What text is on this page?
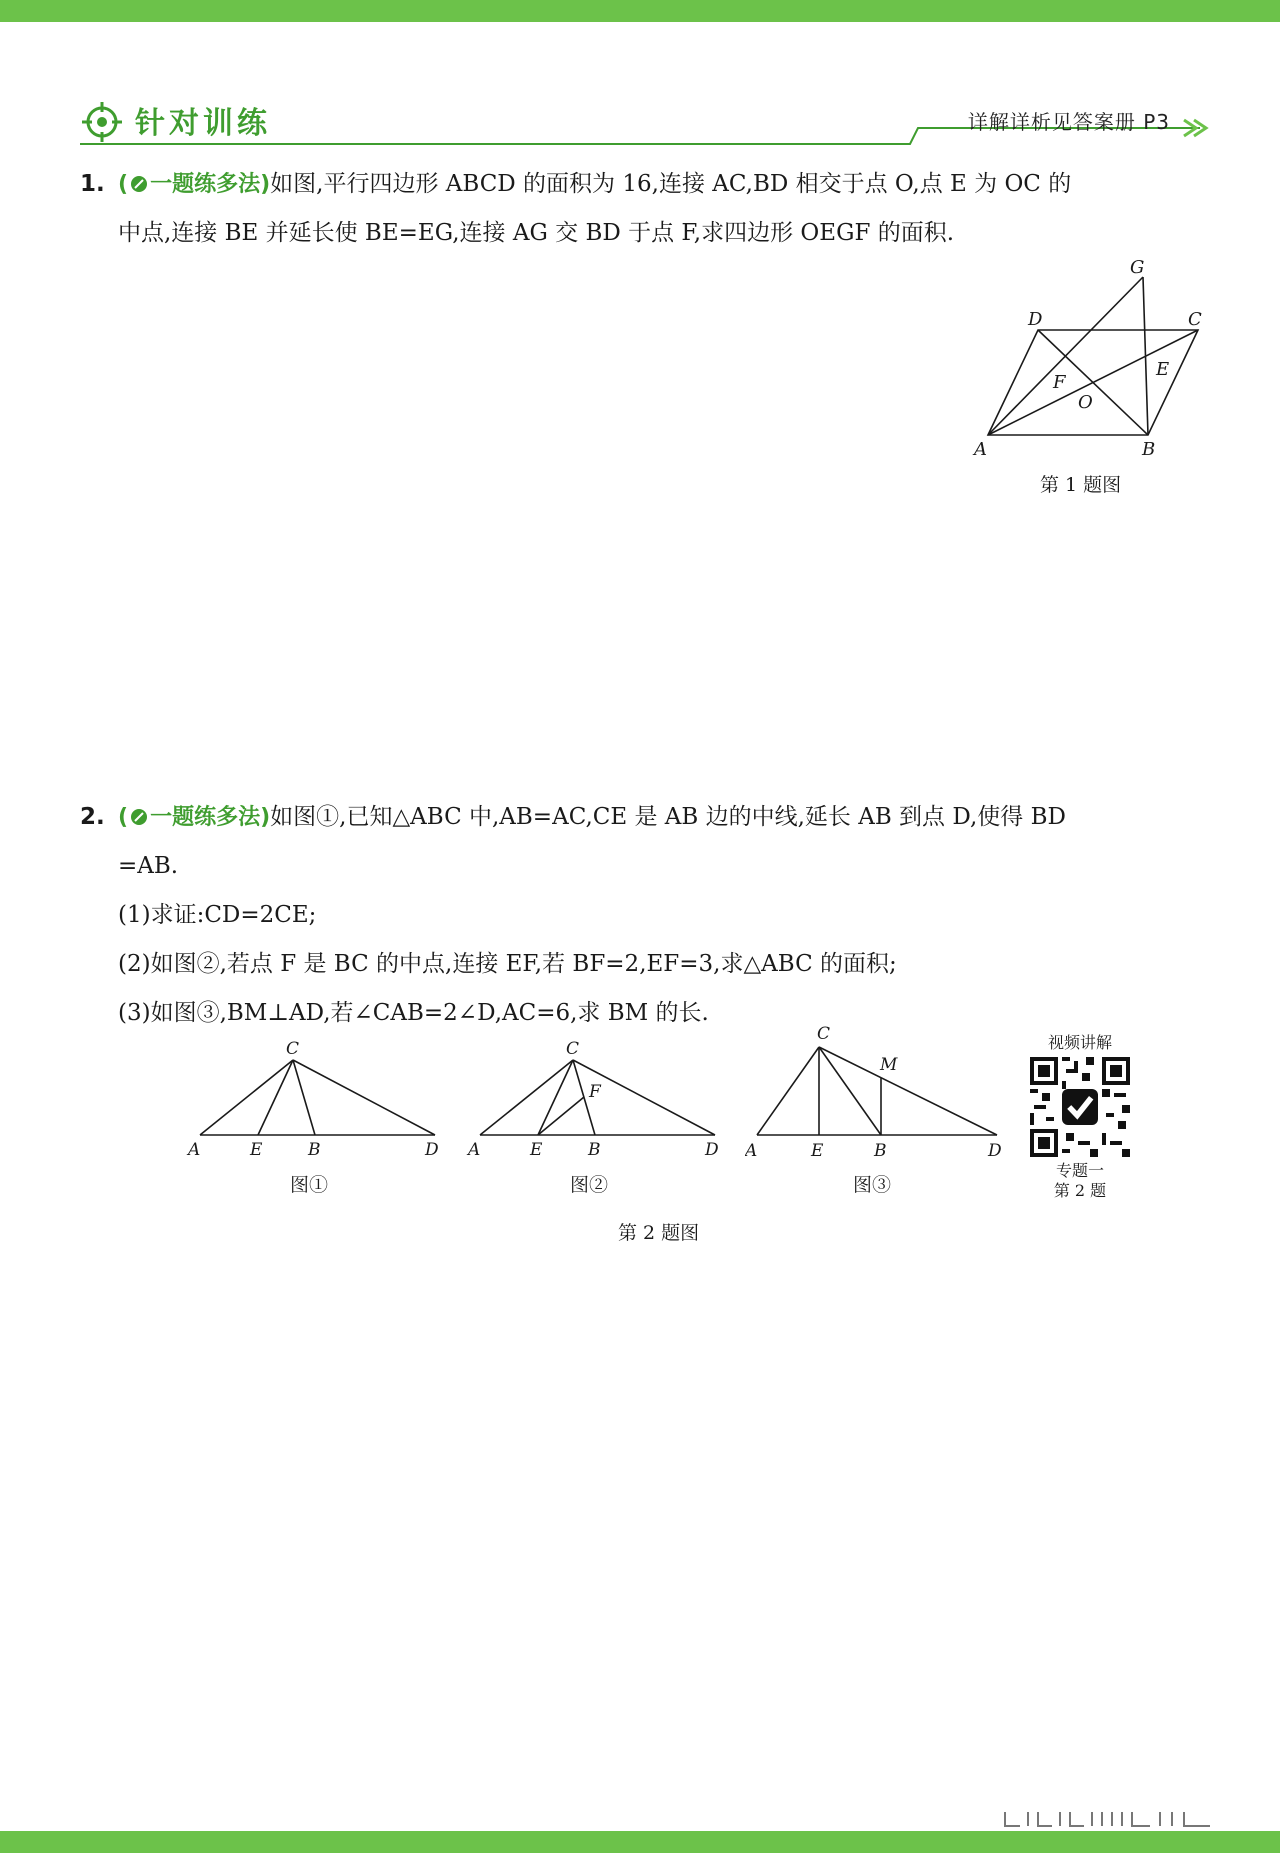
针对训练	详解详析见答案册 P3
1. ( 一题练多法)如图,平行四边形 ABCD 的面积为 16,连接 AC,BD 相交于点 O,点 E 为 OC 的
中点,连接 BE 并延长使 BE=EG,连接 AG 交 BD 于点 F,求四边形 OEGF 的面积.
A	B
C
D
E
F
G
O
第 1 题图
2. ( 一题练多法)如图①,已知△ABC 中,AB=AC,CE 是 AB 边的中线,延长 AB 到点 D,使得 BD
=AB.
(1)求证:CD=2CE;
(2)如图②,若点 F 是 BC 的中点,连接 EF,若 BF=2,EF=3,求△ABC 的面积;
(3)如图③,BM⊥AD,若∠CAB=2∠D,AC=6,求 BM 的长.
C
A	E	B	D
图①
C
F
A	E	B	D
图②
C
M
A	E	B	D
图③
第 2 题图
视频讲解
专题一
第 2 题
